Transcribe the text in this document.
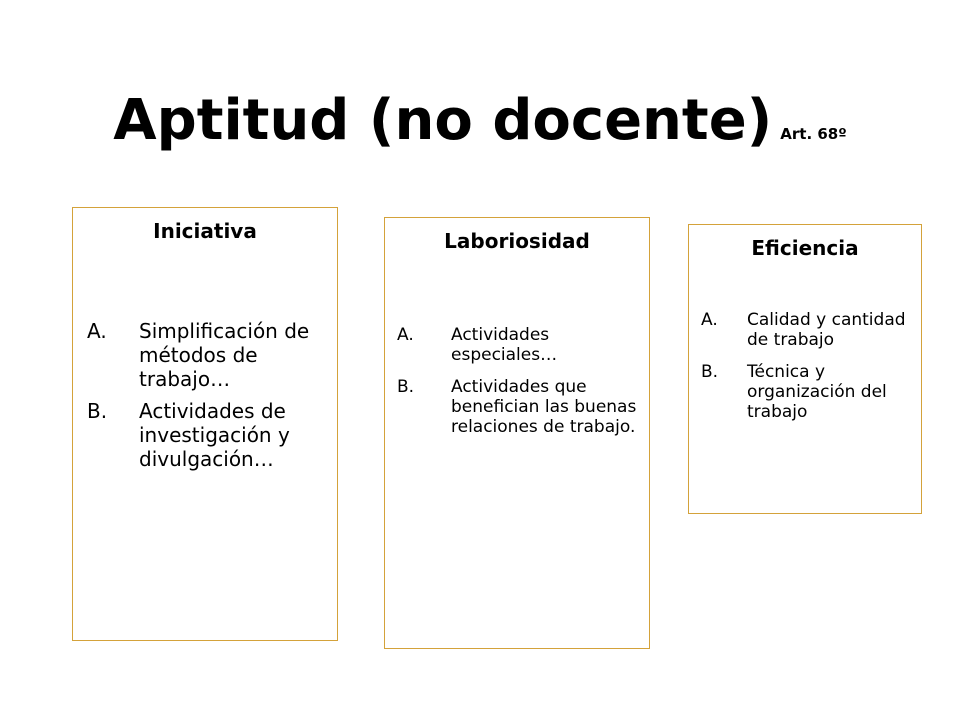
Aptitud (no docente) Art. 68º
Iniciativa
A. Simplificación de métodos de trabajo…
B. Actividades de investigación y divulgación…
Laboriosidad
A. Actividades especiales…
B. Actividades que benefician las buenas relaciones de trabajo.
Eficiencia
A. Calidad y cantidad de trabajo
B. Técnica y organización del trabajo
